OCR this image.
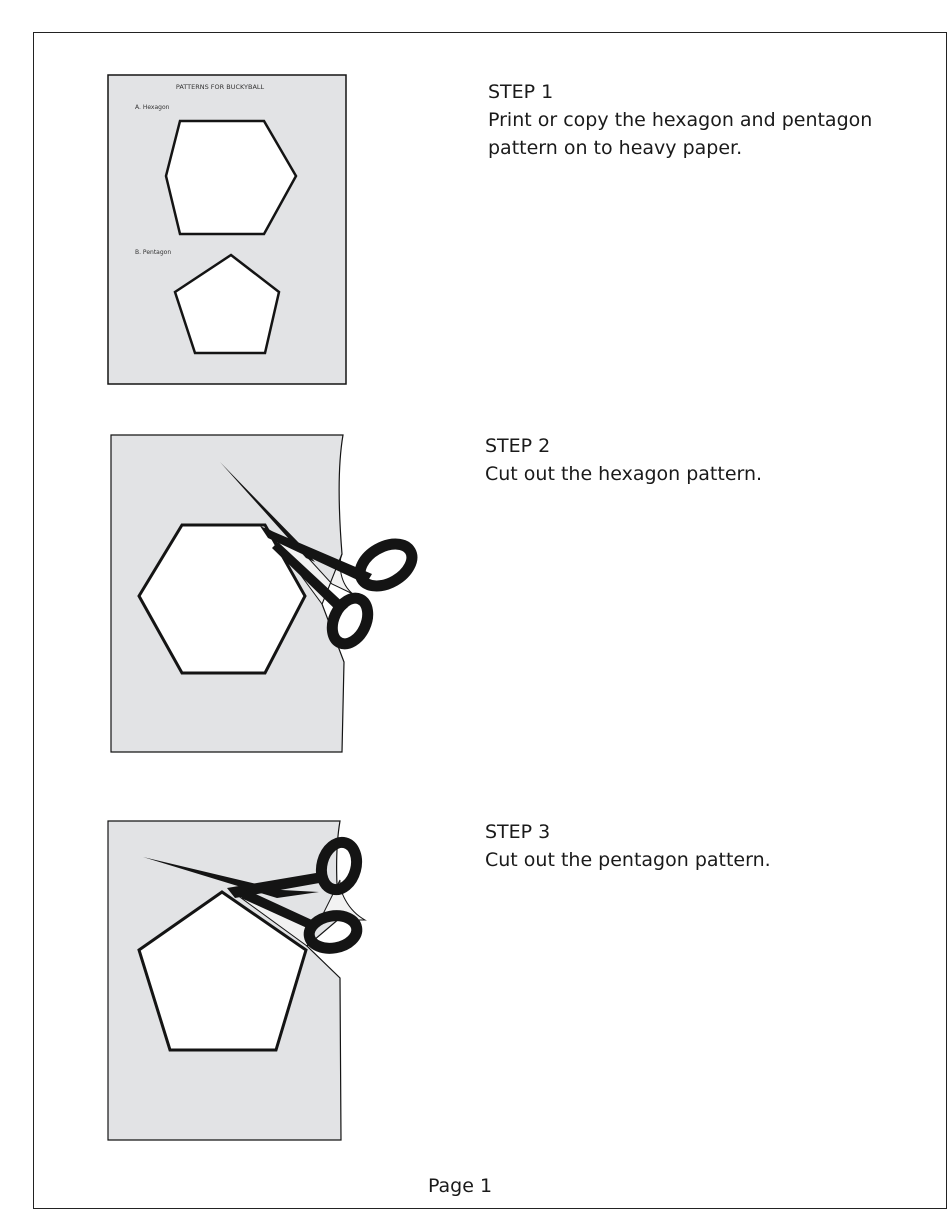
PATTERNS FOR BUCKYBALL
A. Hexagon
B. Pentagon
STEP 1
Print or copy the hexagon and pentagon
pattern on to heavy paper.
STEP 2
Cut out the hexagon pattern.
STEP 3
Cut out the pentagon pattern.
Page 1
